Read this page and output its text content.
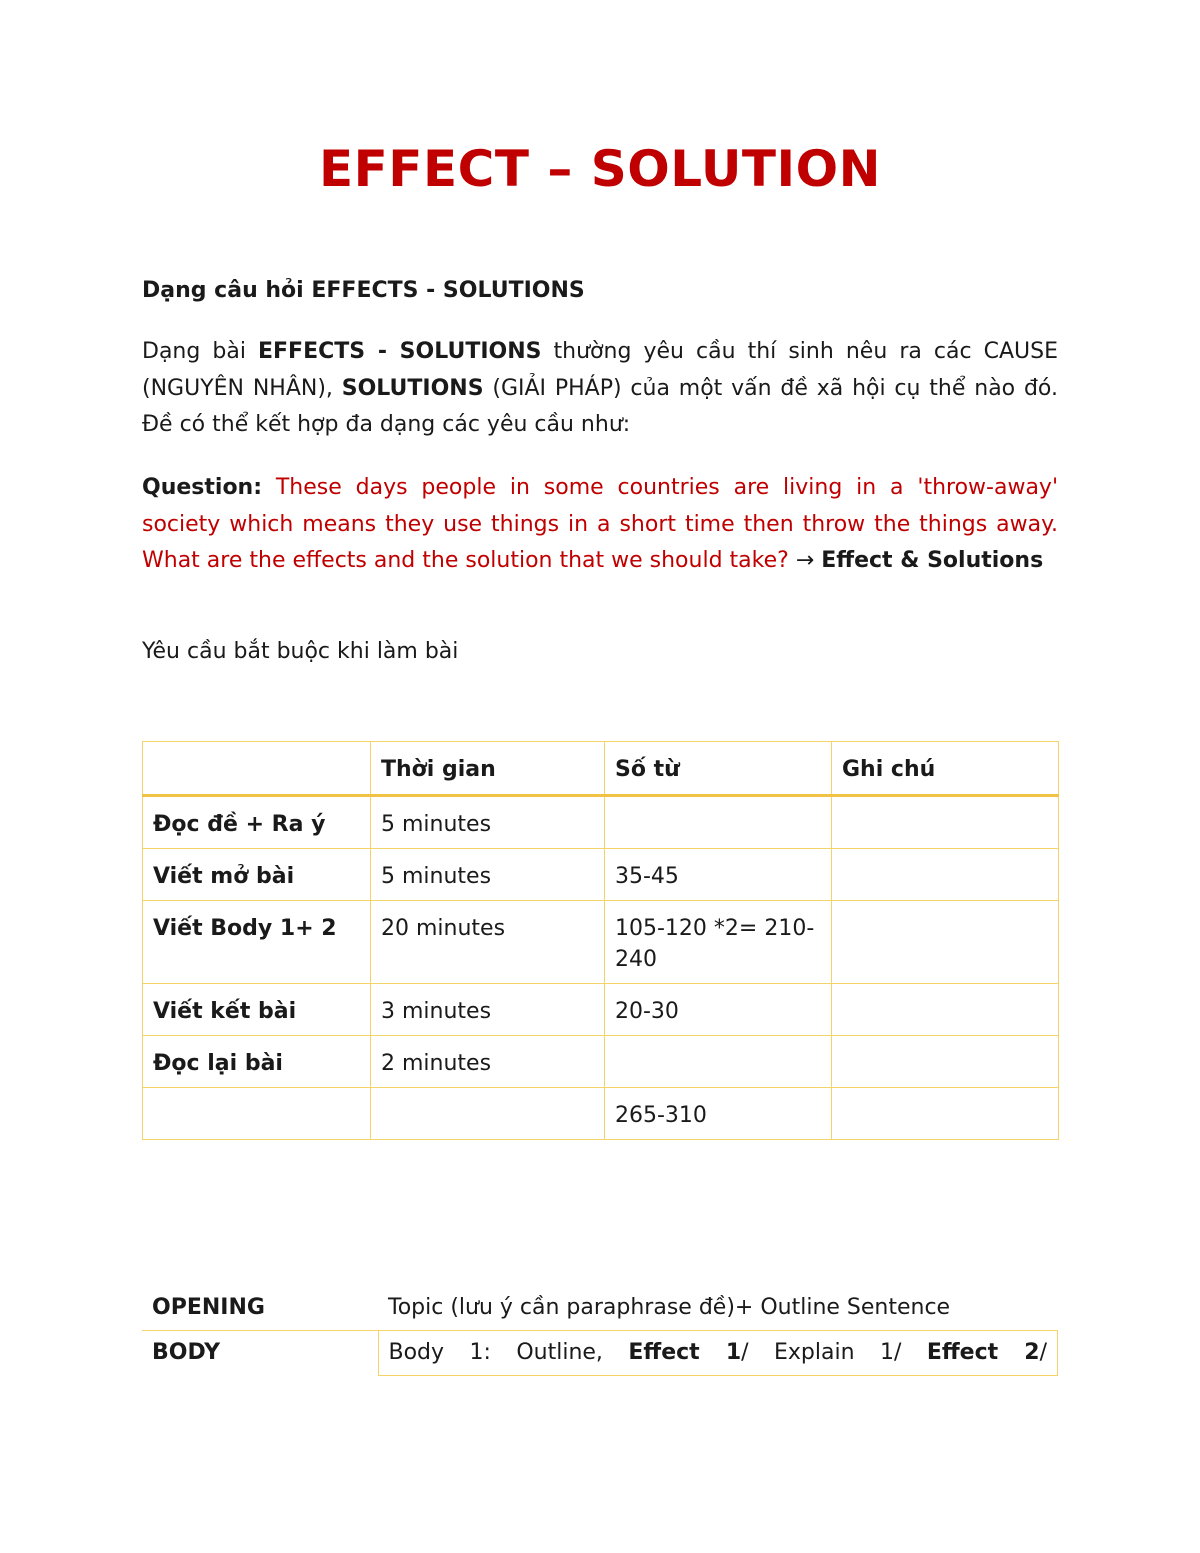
EFFECT – SOLUTION
Dạng câu hỏi EFFECTS - SOLUTIONS
Dạng bài EFFECTS - SOLUTIONS thường yêu cầu thí sinh nêu ra các CAUSE (NGUYÊN NHÂN), SOLUTIONS (GIẢI PHÁP) của một vấn đề xã hội cụ thể nào đó. Đề có thể kết hợp đa dạng các yêu cầu như:
Question: These days people in some countries are living in a 'throw-away' society which means they use things in a short time then throw the things away. What are the effects and the solution that we should take? → Effect & Solutions
Yêu cầu bắt buộc khi làm bài
	Thời gian	Số từ	Ghi chú
Đọc đề + Ra ý	5 minutes		
Viết mở bài	5 minutes	35-45	
Viết Body 1+ 2	20 minutes	105-120 *2= 210-240	
Viết kết bài	3 minutes	20-30	
Đọc lại bài	2 minutes		
		265-310	
OPENING	Topic (lưu ý cần paraphrase đề)+ Outline Sentence
BODY	Body 1: Outline, Effect 1/ Explain 1/ Effect 2/
